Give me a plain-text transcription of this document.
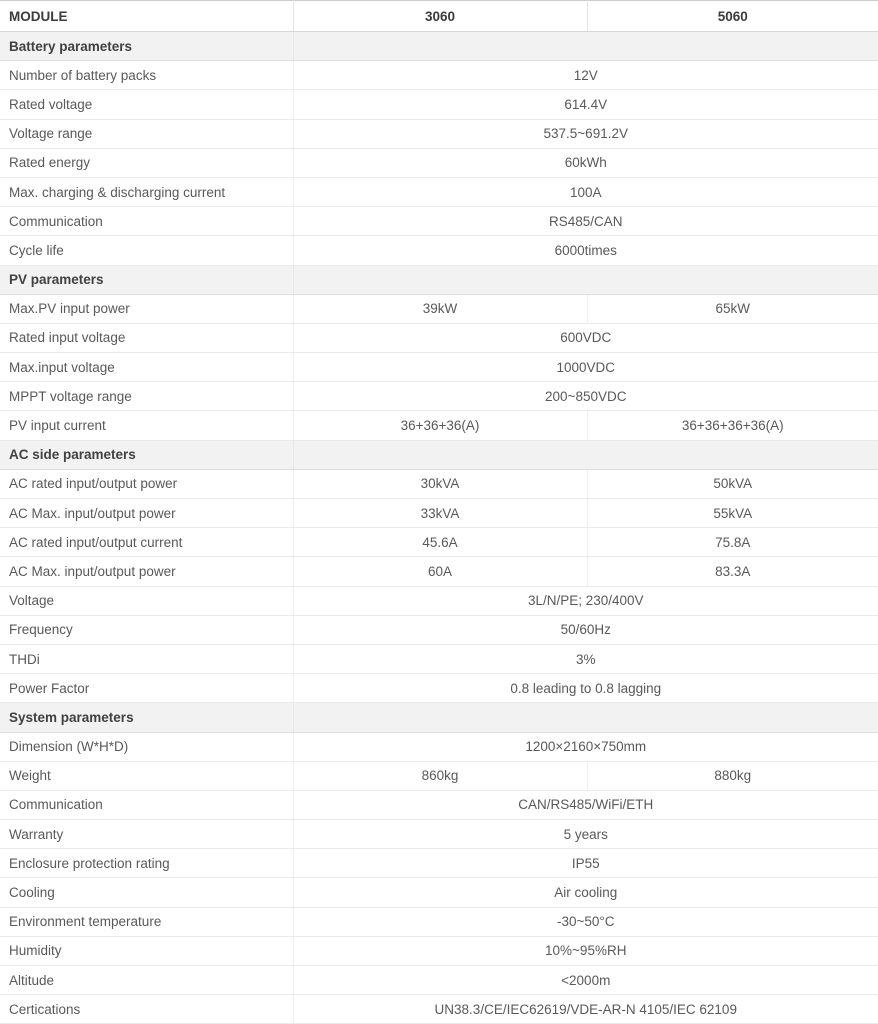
MODULE	3060	5060
Battery parameters		
Number of battery packs	12V	
Rated voltage	614.4V	
Voltage range	537.5~691.2V	
Rated energy	60kWh	
Max. charging & discharging current	100A	
Communication	RS485/CAN	
Cycle life	6000times	
PV parameters		
Max.PV input power	39kW	65kW
Rated input voltage	600VDC	
Max.input voltage	1000VDC	
MPPT voltage range	200~850VDC	
PV input current	36+36+36(A)	36+36+36+36(A)
AC side parameters		
AC rated input/output power	30kVA	50kVA
AC Max. input/output power	33kVA	55kVA
AC rated input/output current	45.6A	75.8A
AC Max. input/output power	60A	83.3A
Voltage	3L/N/PE; 230/400V	
Frequency	50/60Hz	
THDi	3%	
Power Factor	0.8 leading to 0.8 lagging	
System parameters		
Dimension (W*H*D)	1200×2160×750mm	
Weight	860kg	880kg
Communication	CAN/RS485/WiFi/ETH	
Warranty	5 years	
Enclosure protection rating	IP55	
Cooling	Air cooling	
Environment temperature	-30~50°C	
Humidity	10%~95%RH	
Altitude	<2000m	
Certications	UN38.3/CE/IEC62619/VDE-AR-N 4105/IEC 62109	
